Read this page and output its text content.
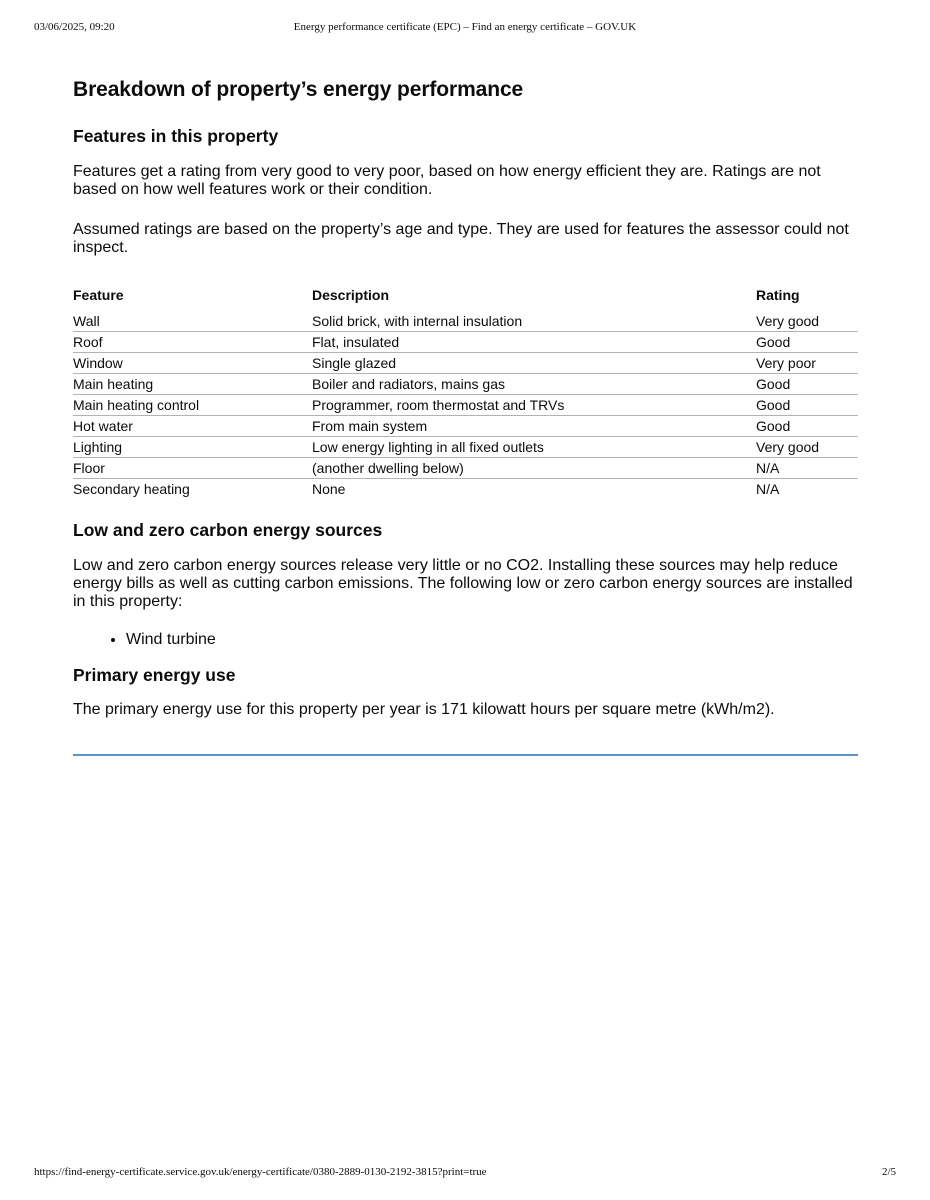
03/06/2025, 09:20	Energy performance certificate (EPC) – Find an energy certificate – GOV.UK
Breakdown of property’s energy performance
Features in this property

Features get a rating from very good to very poor, based on how energy efficient they are. Ratings are not based on how well features work or their condition.

Assumed ratings are based on the property’s age and type. They are used for features the assessor could not inspect.

Feature	Description	Rating
Wall	Solid brick, with internal insulation	Very good
Roof	Flat, insulated	Good
Window	Single glazed	Very poor
Main heating	Boiler and radiators, mains gas	Good
Main heating control	Programmer, room thermostat and TRVs	Good
Hot water	From main system	Good
Lighting	Low energy lighting in all fixed outlets	Very good
Floor	(another dwelling below)	N/A
Secondary heating	None	N/A
Low and zero carbon energy sources

Low and zero carbon energy sources release very little or no CO2. Installing these sources may help reduce energy bills as well as cutting carbon emissions. The following low or zero carbon energy sources are installed in this property:

• Wind turbine
Primary energy use

The primary energy use for this property per year is 171 kilowatt hours per square metre (kWh/m2).

https://find-energy-certificate.service.gov.uk/energy-certificate/0380-2889-0130-2192-3815?print=true	2/5
